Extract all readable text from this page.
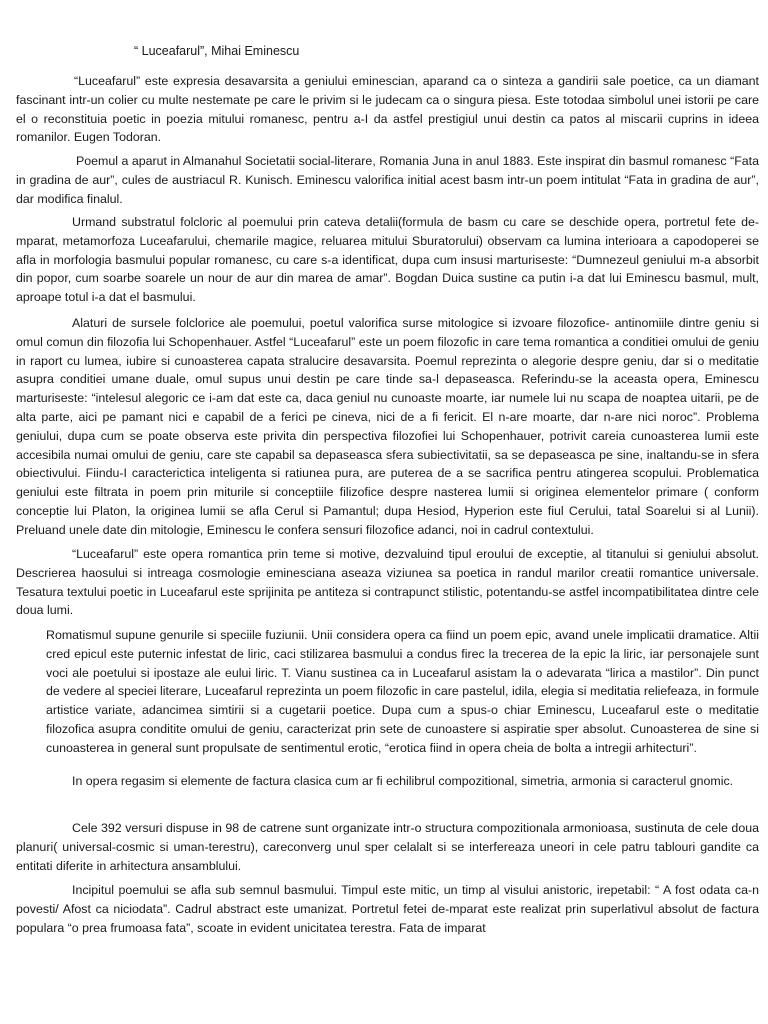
“ Luceafarul”, Mihai Eminescu

“Luceafarul” este expresia desavarsita a geniului eminescian, aparand ca o sinteza a gandirii sale poetice, ca un diamant fascinant intr-un colier cu multe nestemate pe care le privim si le judecam ca o singura piesa. Este totodaa simbolul unei istorii pe care el o reconstituia poetic in poezia mitului romanesc, pentru a-I da astfel prestigiul unui destin ca patos al miscarii cuprins in ideea romanilor. Eugen Todoran.

Poemul a aparut in Almanahul Societatii social-literare, Romania Juna in anul 1883. Este inspirat din basmul romanesc “Fata in gradina de aur”, cules de austriacul R. Kunisch. Eminescu valorifica initial acest basm intr-un poem intitulat “Fata in gradina de aur”, dar modifica finalul.

Urmand substratul folcloric al poemului prin cateva detalii(formula de basm cu care se deschide opera, portretul fete de-mparat, metamorfoza Luceafarului, chemarile magice, reluarea mitului Sburatorului) observam ca lumina interioara a capodoperei se afla in morfologia basmului popular romanesc, cu care s-a identificat, dupa cum insusi marturiseste: “Dumnezeul geniului m-a absorbit din popor, cum soarbe soarele un nour de aur din marea de amar”. Bogdan Duica sustine ca putin i-a dat lui Eminescu basmul, mult, aproape totul i-a dat el basmului.

Alaturi de sursele folclorice ale poemului, poetul valorifica surse mitologice si izvoare filozofice- antinomiile dintre geniu si omul comun din filozofia lui Schopenhauer. Astfel “Luceafarul” este un poem filozofic in care tema romantica a conditiei omului de geniu in raport cu lumea, iubire si cunoasterea capata stralucire desavarsita. Poemul reprezinta o alegorie despre geniu, dar si o meditatie asupra conditiei umane duale, omul supus unui destin pe care tinde sa-l depaseasca. Referindu-se la aceasta opera, Eminescu marturiseste: “intelesul alegoric ce i-am dat este ca, daca geniul nu cunoaste moarte, iar numele lui nu scapa de noaptea uitarii, pe de alta parte, aici pe pamant nici e capabil de a ferici pe cineva, nici de a fi fericit. El n-are moarte, dar n-are nici noroc”. Problema geniului, dupa cum se poate observa este privita din perspectiva filozofiei lui Schopenhauer, potrivit careia cunoasterea lumii este accesibila numai omului de geniu, care ste capabil sa depaseasca sfera subiectivitatii, sa se depaseasca pe sine, inaltandu-se in sfera obiectivului. Fiindu-I caracterictica inteligenta si ratiunea pura, are puterea de a se sacrifica pentru atingerea scopului. Problematica geniului este filtrata in poem prin miturile si conceptiile filizofice despre nasterea lumii si originea elementelor primare ( conform conceptie lui Platon, la originea lumii se afla Cerul si Pamantul; dupa Hesiod, Hyperion este fiul Cerului, tatal Soarelui si al Lunii). Preluand unele date din mitologie, Eminescu le confera sensuri filozofice adanci, noi in cadrul contextului.

“Luceafarul” este opera romantica prin teme si motive, dezvaluind tipul eroului de exceptie, al titanului si geniului absolut. Descrierea haosului si intreaga cosmologie eminesciana aseaza viziunea sa poetica in randul marilor creatii romantice universale. Tesatura textului poetic in Luceafarul este sprijinita pe antiteza si contrapunct stilistic, potentandu-se astfel incompatibilitatea dintre cele doua lumi.

Romatismul supune genurile si speciile fuziunii. Unii considera opera ca fiind un poem epic, avand unele implicatii dramatice. Altii cred epicul este puternic infestat de liric, caci stilizarea basmului a condus firec la trecerea de la epic la liric, iar personajele sunt voci ale poetului si ipostaze ale eului liric. T. Vianu sustinea ca in Luceafarul asistam la o adevarata “lirica a mastilor”. Din punct de vedere al speciei literare, Luceafarul reprezinta un poem filozofic in care pastelul, idila, elegia si meditatia reliefeaza, in formule artistice variate, adancimea simtirii si a cugetarii poetice. Dupa cum a spus-o chiar Eminescu, Luceafarul este o meditatie filozofica asupra conditite omului de geniu, caracterizat prin sete de cunoastere si aspiratie sper absolut. Cunoasterea de sine si cunoasterea in general sunt propulsate de sentimentul erotic, “erotica fiind in opera cheia de bolta a intregii arhitecturi”.

In opera regasim si elemente de factura clasica cum ar fi echilibrul compozitional, simetria, armonia si caracterul gnomic.

Cele 392 versuri dispuse in 98 de catrene sunt organizate intr-o structura compozitionala armonioasa, sustinuta de cele doua planuri( universal-cosmic si uman-terestru), careconverg unul sper celalalt si se interfereaza uneori in cele patru tablouri gandite ca entitati diferite in arhitectura ansamblului.

Incipitul poemului se afla sub semnul basmului. Timpul este mitic, un timp al visului anistoric, irepetabil: “ A fost odata ca-n povesti/ Afost ca niciodata”. Cadrul abstract este umanizat. Portretul fetei de-mparat este realizat prin superlativul absolut de factura populara “o prea frumoasa fata”, scoate in evident unicitatea terestra. Fata de imparat
